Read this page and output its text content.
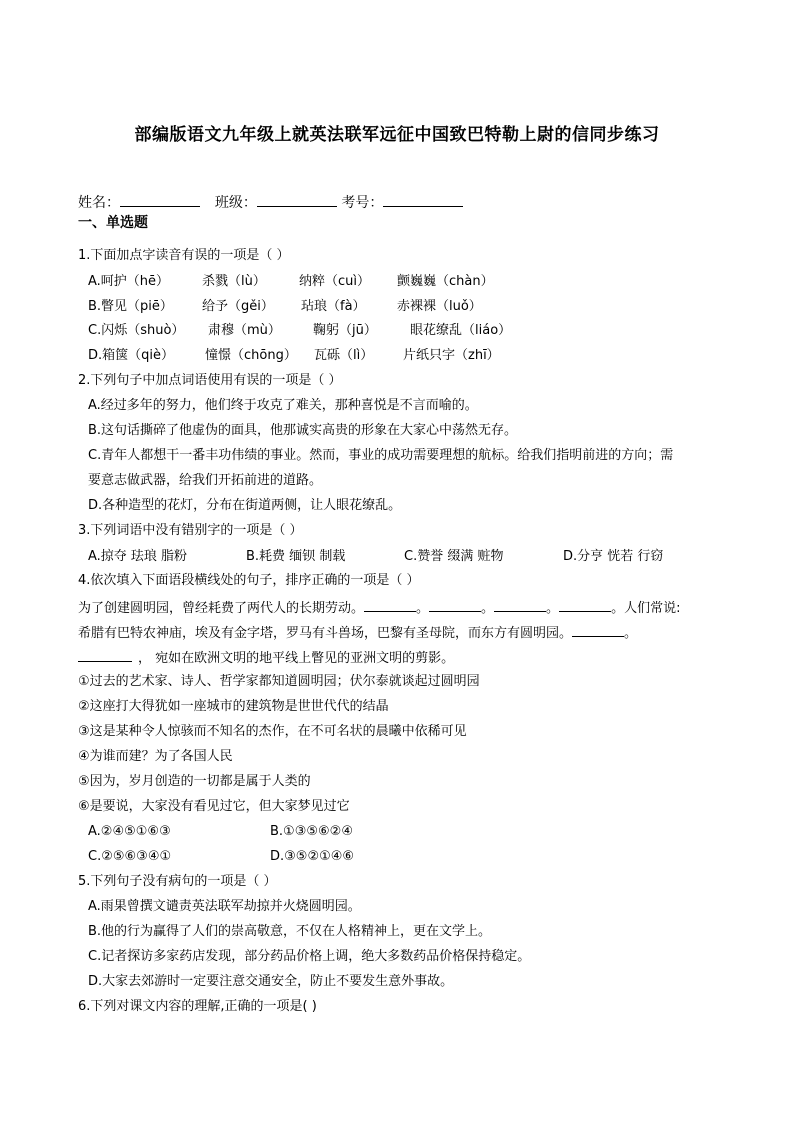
部编版语文九年级上就英法联军远征中国致巴特勒上尉的信同步练习
姓名：	班级：	考号：
一、单选题
1.下面加点字读音有误的一项是（ ）
A.呵护（hē）	杀戮（lù）	纳粹（cuì） 颤巍巍（chàn）
B.瞥见（piē） 给予（gěi） 玷琅（fà） 赤裸裸（luǒ）
C.闪烁（shuò） 肃穆（mù） 鞠躬（jū）	眼花缭乱（liáo）
D.箱箧（qiè） 憧憬（chōng） 瓦砾（lì） 片纸只字（zhī）
2.下列句子中加点词语使用有误的一项是（ ）
A.经过多年的努力，他们终于攻克了难关，那种喜悦是不言而喻的。
B.这句话撕碎了他虚伪的面具，他那诚实高贵的形象在大家心中荡然无存。
C.青年人都想干一番丰功伟绩的事业。然而，事业的成功需要理想的航标。给我们指明前进的方向；需
要意志做武器，给我们开拓前进的道路。
D.各种造型的花灯，分布在街道两侧，让人眼花缭乱。
3.下列词语中没有错别字的一项是（ ）
A.掠夺 珐琅 脂粉	B.耗费 缅钡 制载	C.赞誉 缀满 赃物	D.分亨 恍若 行窃
4.依次填入下面语段横线处的句子，排序正确的一项是（ ）
为了创建圆明园，曾经耗费了两代人的长期劳动。	。	。	。	。人们常说:
希腊有巴特农神庙，埃及有金字塔，罗马有斗兽场，巴黎有圣母院，而东方有圆明园。	。
， 宛如在欧洲文明的地平线上瞥见的亚洲文明的剪影。
①过去的艺术家、诗人、哲学家都知道圆明园；伏尔泰就谈起过圆明园
②这座打大得犹如一座城市的建筑物是世世代代的结晶
③这是某种令人惊骇而不知名的杰作，在不可名状的晨曦中依稀可见
④为谁而建？为了各国人民
⑤因为，岁月创造的一切都是属于人类的
⑥是要说，大家没有看见过它，但大家梦见过它
A.②④⑤①⑥③	B.①③⑤⑥②④
C.②⑤⑥③④①	D.③⑤②①④⑥
5.下列句子没有病句的一项是（ ）
A.雨果曾撰文谴责英法联军劫掠并火烧圆明园。
B.他的行为赢得了人们的崇高敬意，不仅在人格精神上，更在文学上。
C.记者探访多家药店发现，部分药品价格上调，绝大多数药品价格保持稳定。
D.大家去郊游时一定要注意交通安全，防止不要发生意外事故。
6.下列对课文内容的理解,正确的一项是( )
